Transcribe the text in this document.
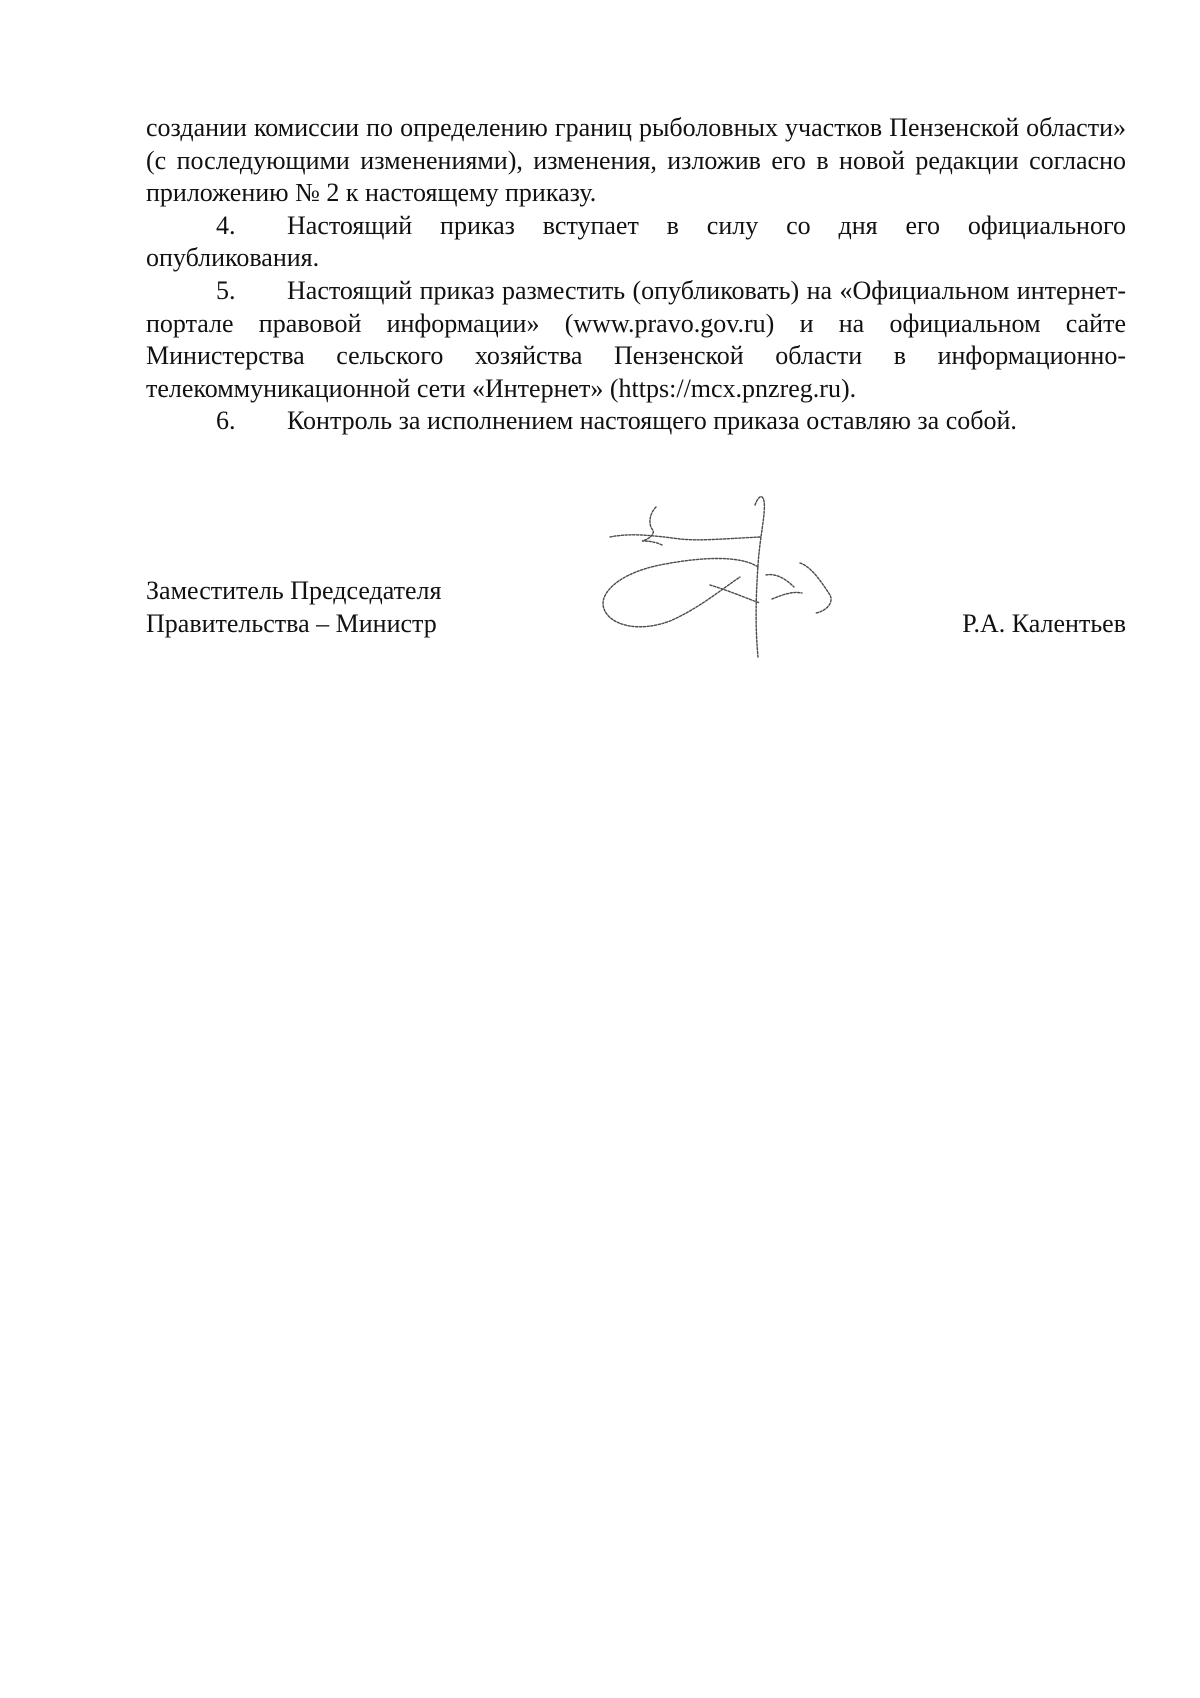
создании комиссии по определению границ рыболовных участков Пензенской области» (с последующими изменениями), изменения, изложив его в новой редакции согласно приложению № 2 к настоящему приказу.

4. Настоящий приказ вступает в силу со дня его официального опубликования.

5. Настоящий приказ разместить (опубликовать) на «Официальном интернет-портале правовой информации» (www.pravo.gov.ru) и на официальном сайте Министерства сельского хозяйства Пензенской области в информационно-телекоммуникационной сети «Интернет» (https://mcx.pnzreg.ru).

6. Контроль за исполнением настоящего приказа оставляю за собой.

Заместитель Председателя
Правительства – Министр	Р.А. Калентьев
